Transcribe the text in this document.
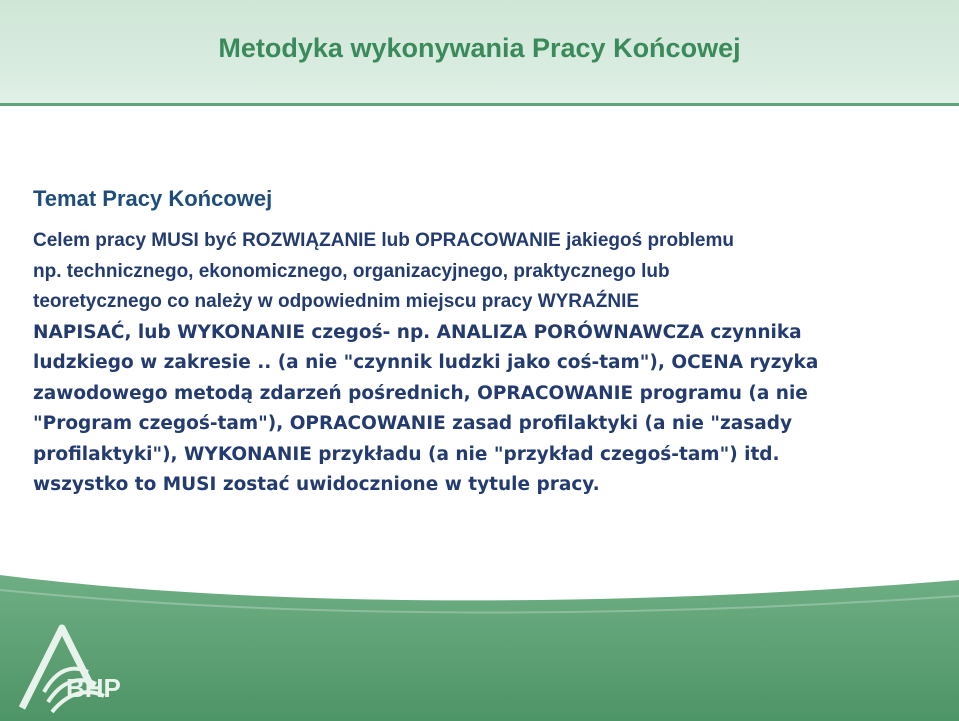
Metodyka wykonywania Pracy Końcowej
Temat Pracy Końcowej
Celem pracy MUSI być ROZWIĄZANIE lub OPRACOWANIE jakiegoś problemu
np. technicznego, ekonomicznego, organizacyjnego, praktycznego lub
teoretycznego co należy w odpowiednim miejscu pracy WYRAŹNIE
NAPISAĆ, lub WYKONANIE czegoś- np. ANALIZA PORÓWNAWCZA czynnika
ludzkiego w zakresie .. (a nie "czynnik ludzki jako coś-tam"), OCENA ryzyka
zawodowego metodą zdarzeń pośrednich, OPRACOWANIE programu (a nie
"Program czegoś-tam"), OPRACOWANIE zasad profilaktyki (a nie "zasady
profilaktyki"), WYKONANIE przykładu (a nie "przykład czegoś-tam") itd.
wszystko to MUSI zostać uwidocznione w tytule pracy.
BHP
